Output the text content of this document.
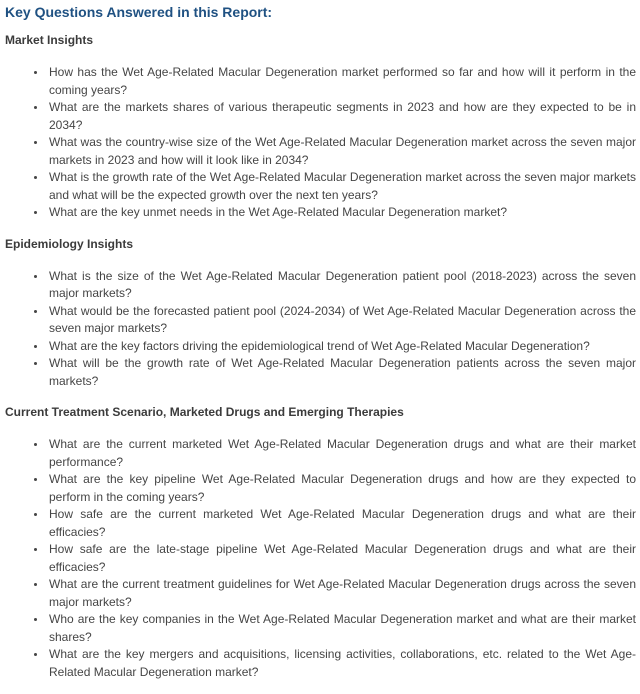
Key Questions Answered in this Report:
Market Insights
• How has the Wet Age-Related Macular Degeneration market performed so far and how will it perform in the coming years?
• What are the markets shares of various therapeutic segments in 2023 and how are they expected to be in 2034?
• What was the country-wise size of the Wet Age-Related Macular Degeneration market across the seven major markets in 2023 and how will it look like in 2034?
• What is the growth rate of the Wet Age-Related Macular Degeneration market across the seven major markets and what will be the expected growth over the next ten years?
• What are the key unmet needs in the Wet Age-Related Macular Degeneration market?
Epidemiology Insights
• What is the size of the Wet Age-Related Macular Degeneration patient pool (2018-2023) across the seven major markets?
• What would be the forecasted patient pool (2024-2034) of Wet Age-Related Macular Degeneration across the seven major markets?
• What are the key factors driving the epidemiological trend of Wet Age-Related Macular Degeneration?
• What will be the growth rate of Wet Age-Related Macular Degeneration patients across the seven major markets?
Current Treatment Scenario, Marketed Drugs and Emerging Therapies
• What are the current marketed Wet Age-Related Macular Degeneration drugs and what are their market performance?
• What are the key pipeline Wet Age-Related Macular Degeneration drugs and how are they expected to perform in the coming years?
• How safe are the current marketed Wet Age-Related Macular Degeneration drugs and what are their efficacies?
• How safe are the late-stage pipeline Wet Age-Related Macular Degeneration drugs and what are their efficacies?
• What are the current treatment guidelines for Wet Age-Related Macular Degeneration drugs across the seven major markets?
• Who are the key companies in the Wet Age-Related Macular Degeneration market and what are their market shares?
• What are the key mergers and acquisitions, licensing activities, collaborations, etc. related to the Wet Age-Related Macular Degeneration market?
